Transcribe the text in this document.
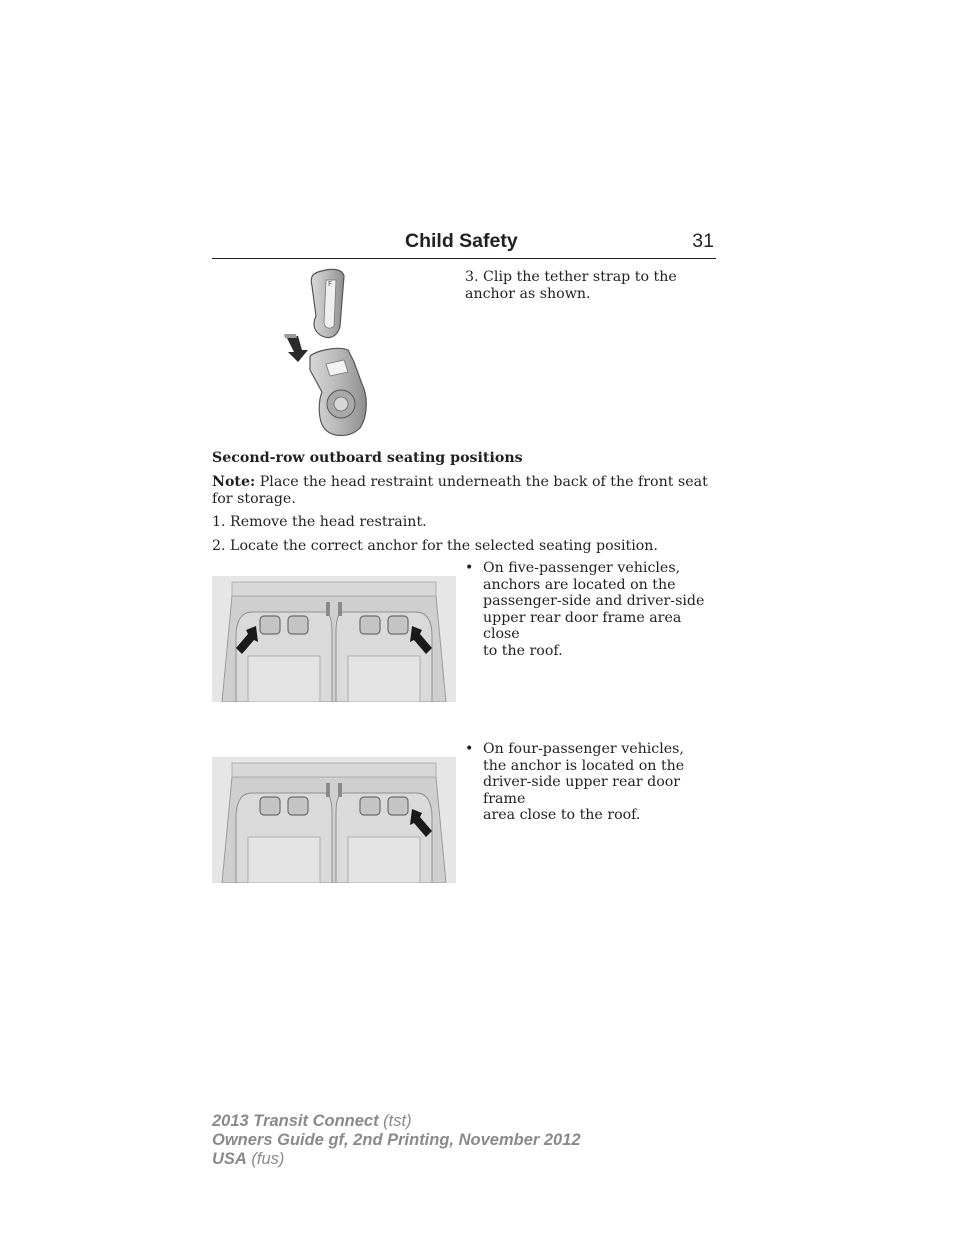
Child Safety	31
F	3. Clip the tether strap to the anchor as shown.
Second-row outboard seating positions
Note: Place the head restraint underneath the back of the front seat for storage.
1. Remove the head restraint.
2. Locate the correct anchor for the selected seating position.
• On five-passenger vehicles,
anchors are located on the
passenger-side and driver-side
upper rear door frame area close
to the roof.
• On four-passenger vehicles,
the anchor is located on the
driver-side upper rear door frame
area close to the roof.
2013 Transit Connect (tst)
Owners Guide gf, 2nd Printing, November 2012
USA (fus)
